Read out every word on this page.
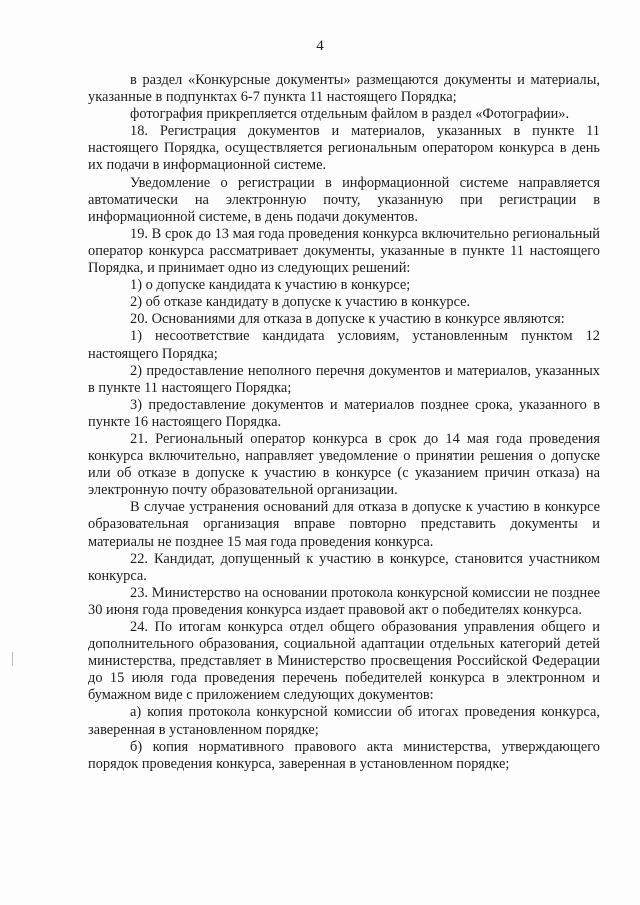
4

в раздел «Конкурсные документы» размещаются документы и материалы, указанные в подпунктах 6-7 пункта 11 настоящего Порядка;

фотография прикрепляется отдельным файлом в раздел «Фотографии».

18. Регистрация документов и материалов, указанных в пункте 11 настоящего Порядка, осуществляется региональным оператором конкурса в день их подачи в информационной системе.

Уведомление о регистрации в информационной системе направляется автоматически на электронную почту, указанную при регистрации в информационной системе, в день подачи документов.

19. В срок до 13 мая года проведения конкурса включительно региональный оператор конкурса рассматривает документы, указанные в пункте 11 настоящего Порядка, и принимает одно из следующих решений:

1) о допуске кандидата к участию в конкурсе;

2) об отказе кандидату в допуске к участию в конкурсе.

20. Основаниями для отказа в допуске к участию в конкурсе являются:

1) несоответствие кандидата условиям, установленным пунктом 12 настоящего Порядка;

2) предоставление неполного перечня документов и материалов, указанных в пункте 11 настоящего Порядка;

3) предоставление документов и материалов позднее срока, указанного в пункте 16 настоящего Порядка.

21. Региональный оператор конкурса в срок до 14 мая года проведения конкурса включительно, направляет уведомление о принятии решения о допуске или об отказе в допуске к участию в конкурсе (с указанием причин отказа) на электронную почту образовательной организации.

В случае устранения оснований для отказа в допуске к участию в конкурсе образовательная организация вправе повторно представить документы и материалы не позднее 15 мая года проведения конкурса.

22. Кандидат, допущенный к участию в конкурсе, становится участником конкурса.

23. Министерство на основании протокола конкурсной комиссии не позднее 30 июня года проведения конкурса издает правовой акт о победителях конкурса.

24. По итогам конкурса отдел общего образования управления общего и дополнительного образования, социальной адаптации отдельных категорий детей министерства, представляет в Министерство просвещения Российской Федерации до 15 июля года проведения перечень победителей конкурса в электронном и бумажном виде с приложением следующих документов:

а) копия протокола конкурсной комиссии об итогах проведения конкурса, заверенная в установленном порядке;

б) копия нормативного правового акта министерства, утверждающего порядок проведения конкурса, заверенная в установленном порядке;
